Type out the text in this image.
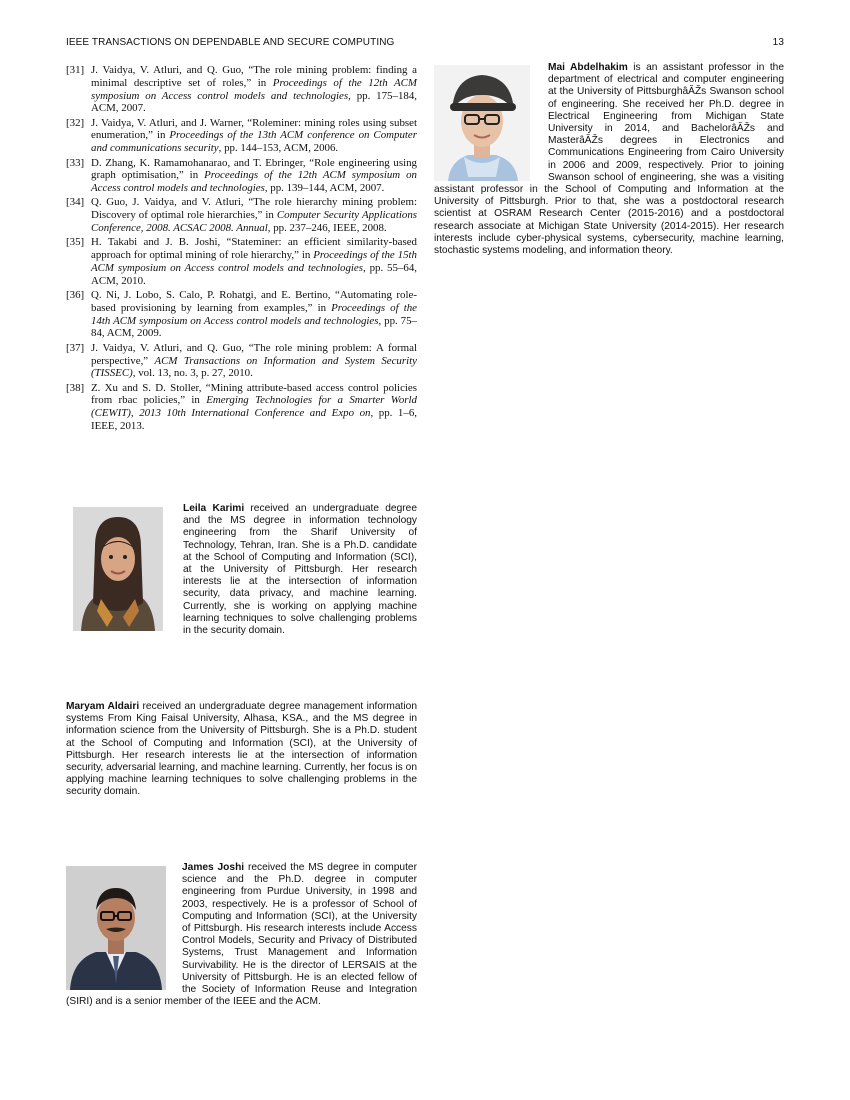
IEEE TRANSACTIONS ON DEPENDABLE AND SECURE COMPUTING	13
[31] J. Vaidya, V. Atluri, and Q. Guo, “The role mining problem: finding a minimal descriptive set of roles,” in Proceedings of the 12th ACM symposium on Access control models and technologies, pp. 175–184, ACM, 2007.
[32] J. Vaidya, V. Atluri, and J. Warner, “Roleminer: mining roles using subset enumeration,” in Proceedings of the 13th ACM conference on Computer and communications security, pp. 144–153, ACM, 2006.
[33] D. Zhang, K. Ramamohanarao, and T. Ebringer, “Role engineering using graph optimisation,” in Proceedings of the 12th ACM symposium on Access control models and technologies, pp. 139–144, ACM, 2007.
[34] Q. Guo, J. Vaidya, and V. Atluri, “The role hierarchy mining problem: Discovery of optimal role hierarchies,” in Computer Security Applications Conference, 2008. ACSAC 2008. Annual, pp. 237–246, IEEE, 2008.
[35] H. Takabi and J. B. Joshi, “Stateminer: an efficient similarity-based approach for optimal mining of role hierarchy,” in Proceedings of the 15th ACM symposium on Access control models and technologies, pp. 55–64, ACM, 2010.
[36] Q. Ni, J. Lobo, S. Calo, P. Rohatgi, and E. Bertino, “Automating role-based provisioning by learning from examples,” in Proceedings of the 14th ACM symposium on Access control models and technologies, pp. 75–84, ACM, 2009.
[37] J. Vaidya, V. Atluri, and Q. Guo, “The role mining problem: A formal perspective,” ACM Transactions on Information and System Security (TISSEC), vol. 13, no. 3, p. 27, 2010.
[38] Z. Xu and S. D. Stoller, “Mining attribute-based access control policies from rbac policies,” in Emerging Technologies for a Smarter World (CEWIT), 2013 10th International Conference and Expo on, pp. 1–6, IEEE, 2013.
Mai Abdelhakim is an assistant professor in the department of electrical and computer engineering at the University of PittsburghâĂŽs Swanson school of engineering. She received her Ph.D. degree in Electrical Engineering from Michigan State University in 2014, and BachelorâĂŽs and MasterâĂŽs degrees in Electronics and Communications Engineering from Cairo University in 2006 and 2009, respectively. Prior to joining Swanson school of engineering, she was a visiting assistant professor in the School of Computing and Information at the University of Pittsburgh. Prior to that, she was a postdoctoral research scientist at OSRAM Research Center (2015-2016) and a postdoctoral research associate at Michigan State University (2014-2015). Her research interests include cyber-physical systems, cybersecurity, machine learning, stochastic systems modeling, and information theory.
Leila Karimi received an undergraduate degree and the MS degree in information technology engineering from the Sharif University of Technology, Tehran, Iran. She is a Ph.D. candidate at the School of Computing and Information (SCI), at the University of Pittsburgh. Her research interests lie at the intersection of information security, data privacy, and machine learning. Currently, she is working on applying machine learning techniques to solve challenging problems in the security domain.
Maryam Aldairi received an undergraduate degree management information systems From King Faisal University, Alhasa, KSA., and the MS degree in information science from the University of Pittsburgh. She is a Ph.D. student at the School of Computing and Information (SCI), at the University of Pittsburgh. Her research interests lie at the intersection of information security, adversarial learning, and machine learning. Currently, her focus is on applying machine learning techniques to solve challenging problems in the security domain.
James Joshi received the MS degree in computer science and the Ph.D. degree in computer engineering from Purdue University, in 1998 and 2003, respectively. He is a professor of School of Computing and Information (SCI), at the University of Pittsburgh. His research interests include Access Control Models, Security and Privacy of Distributed Systems, Trust Management and Information Survivability. He is the director of LERSAIS at the University of Pittsburgh. He is an elected fellow of the Society of Information Reuse and Integration (SIRI) and is a senior member of the IEEE and the ACM.
